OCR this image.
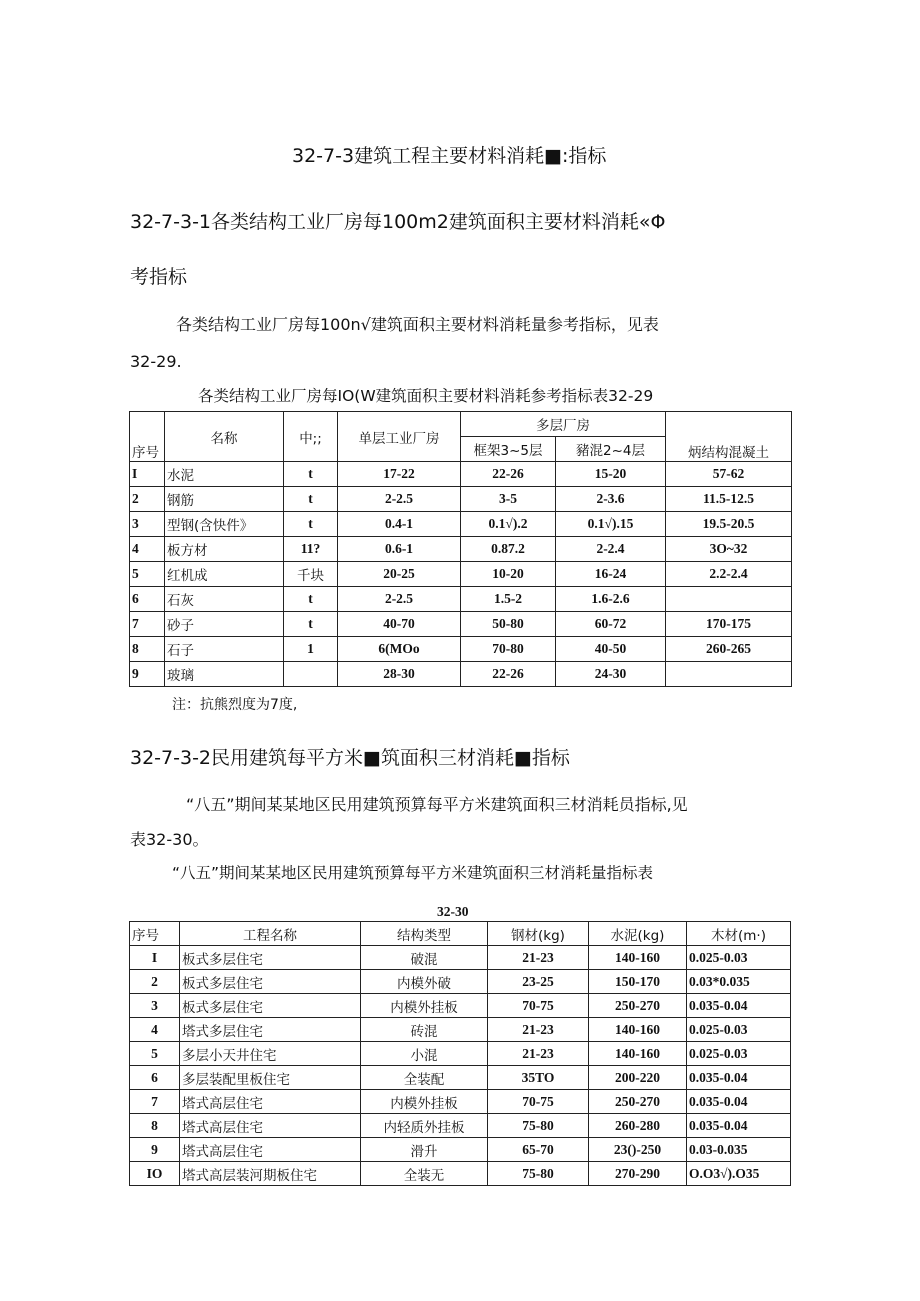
32-7-3建筑工程主要材料消耗■:指标
32-7-3-1各类结构工业厂房每100m2建筑面积主要材料消耗«Φ
考指标
各类结构工业厂房每100n√建筑面积主要材料消耗量参考指标，见表
32-29.
各类结构工业厂房每IO(W建筑面积主要材料消耗参考指标表32-29
序号	名称	中;;	单层工业厂房	多层厂房		炳结构混凝土
				框架3~5层	豬混2~4层	
I	水泥	t	17-22	22-26	15-20	57-62
2	钢筋	t	2-2.5	3-5	2-3.6	11.5-12.5
3	型钢(含快件》	t	0.4-1	0.1√).2	0.1√).15	19.5-20.5
4	板方材	11?	0.6-1	0.87.2	2-2.4	3O~32
5	红机成	千块	20-25	10-20	16-24	2.2-2.4
6	石灰	t	2-2.5	1.5-2	1.6-2.6	
7	砂子	t	40-70	50-80	60-72	170-175
8	石子	1	6(MOo	70-80	40-50	260-265
9	玻璃		28-30	22-26	24-30	
注：抗熊烈度为7度,
32-7-3-2民用建筑每平方米■筑面积三材消耗■指标
“八五”期间某某地区民用建筑预算每平方米建筑面积三材消耗员指标,见
表32-30。
“八五”期间某某地区民用建筑预算每平方米建筑面积三材消耗量指标表
32-30
序号	工程名称	结构类型	钢材(kg)	水泥(kg)	木材(m·)
I	板式多层住宅	破混	21-23	140-160	0.025-0.03
2	板式多层住宅	内模外破	23-25	150-170	0.03*0.035
3	板式多层住宅	内模外挂板	70-75	250-270	0.035-0.04
4	塔式多层住宅	砖混	21-23	140-160	0.025-0.03
5	多层小天井住宅	小混	21-23	140-160	0.025-0.03
6	多层装配里板住宅	全装配	35TO	200-220	0.035-0.04
7	塔式高层住宅	内模外挂板	70-75	250-270	0.035-0.04
8	塔式高层住宅	内轻质外挂板	75-80	260-280	0.035-0.04
9	塔式高层住宅	滑升	65-70	23()-250	0.03-0.035
IO	塔式高层装河期板住宅	全装无	75-80	270-290	O.O3√).O35
